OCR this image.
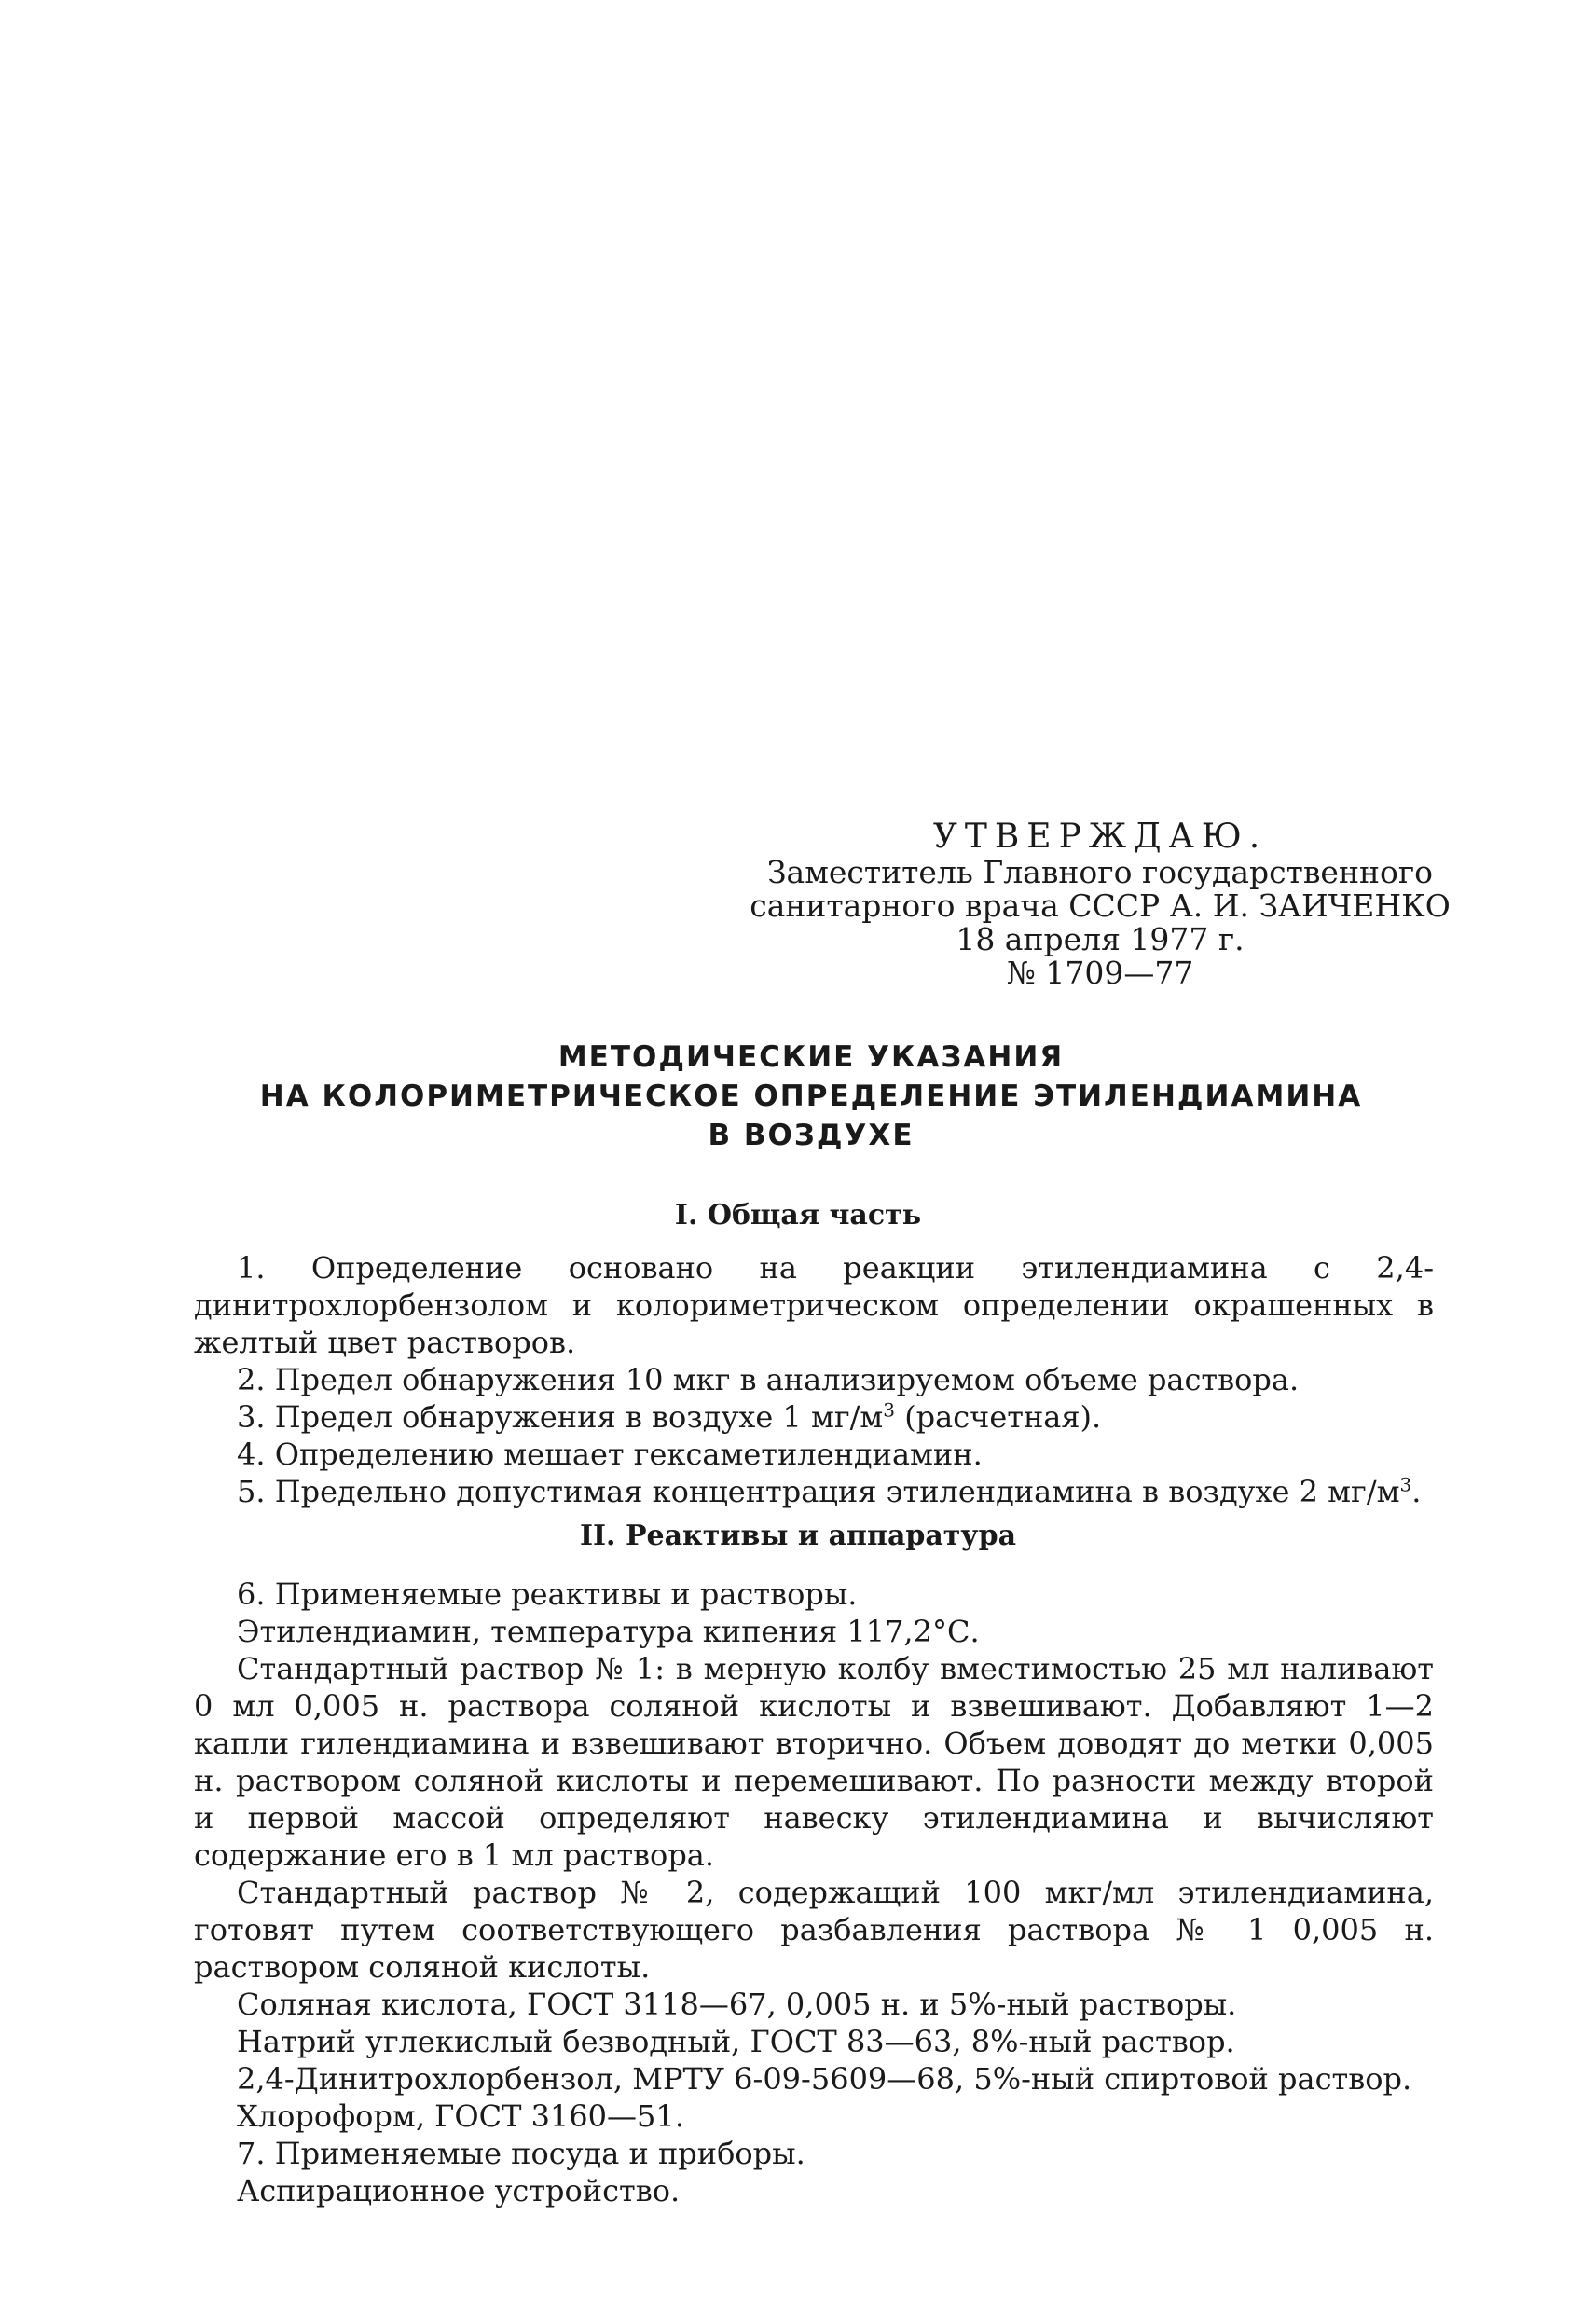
УТВЕРЖДАЮ.
Заместитель Главного государственного
санитарного врача СССР А. И. ЗАИЧЕНКО
18 апреля 1977 г.
№ 1709—77
МЕТОДИЧЕСКИЕ УКАЗАНИЯ
НА КОЛОРИМЕТРИЧЕСКОЕ ОПРЕДЕЛЕНИЕ ЭТИЛЕНДИАМИНА
В ВОЗДУХЕ
I. Общая часть

1. Определение основано на реакции этилендиамина с 2,4-динитрохлорбензолом и колориметрическом определении окрашенных в желтый цвет растворов.

2. Предел обнаружения 10 мкг в анализируемом объеме раствора.

3. Предел обнаружения в воздухе 1 $мг/м^3$ (расчетная).

4. Определению мешает гексаметилендиамин.

5. Предельно допустимая концентрация этилендиамина в воздухе 2 $мг/м^3$.

II. Реактивы и аппаратура

6. Применяемые реактивы и растворы.

Этилендиамин, температура кипения 117,2°С.

Стандартный раствор № 1: в мерную колбу вместимостью 25 мл наливают 0 мл 0,005 н. раствора соляной кислоты и взвешивают. Добавляют 1—2 капли гилендиамина и взвешивают вторично. Объем доводят до метки 0,005 н. раствором соляной кислоты и перемешивают. По разности между второй и первой массой определяют навеску этилендиамина и вычисляют содержание его в 1 мл раствора.

Стандартный раствор № 2, содержащий 100 мкг/мл этилендиамина, готовят путем соответствующего разбавления раствора № 1 0,005 н. раствором соляной кислоты.

Соляная кислота, ГОСТ 3118—67, 0,005 н. и 5%-ный растворы.

Натрий углекислый безводный, ГОСТ 83—63, 8%-ный раствор.

2,4-Динитрохлорбензол, МРТУ 6-09-5609—68, 5%-ный спиртовой раствор.

Хлороформ, ГОСТ 3160—51.

7. Применяемые посуда и приборы.

Аспирационное устройство.
